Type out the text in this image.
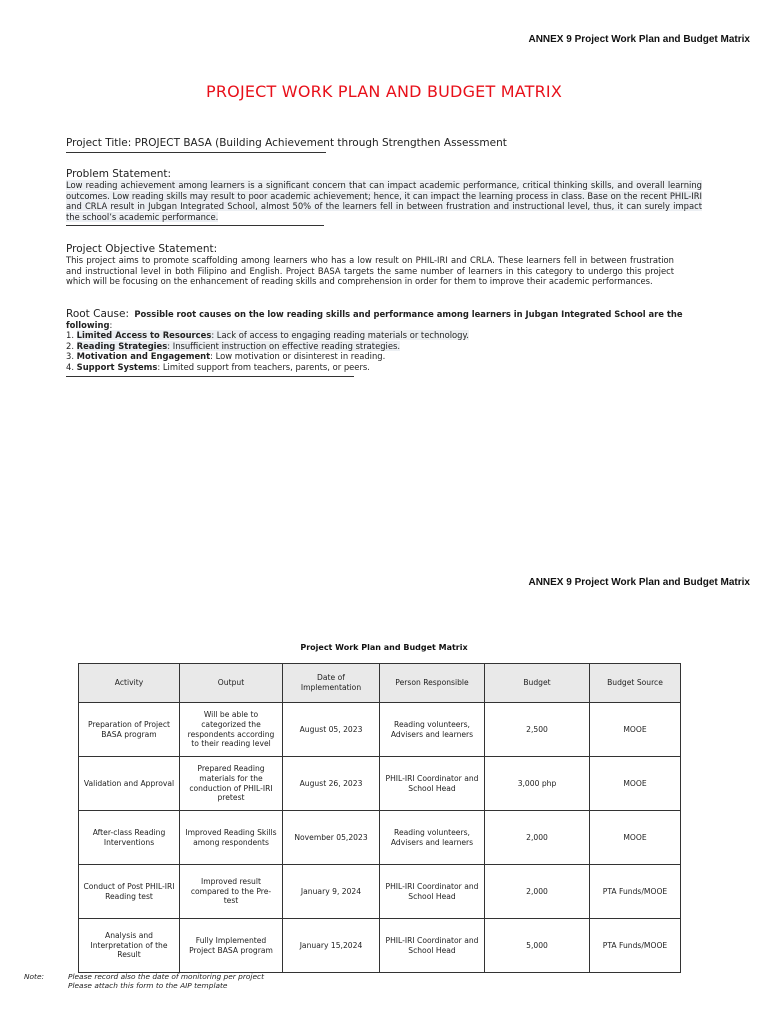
ANNEX 9 Project Work Plan and Budget Matrix
PROJECT WORK PLAN AND BUDGET MATRIX
Project Title: PROJECT BASA (Building Achievement through Strengthen Assessment
Problem Statement:
Low reading achievement among learners is a significant concern that can impact academic performance, critical thinking skills, and overall learning outcomes. Low reading skills may result to poor academic achievement; hence, it can impact the learning process in class. Base on the recent PHIL-IRI and CRLA result in Jubgan Integrated School, almost 50% of the learners fell in between frustration and instructional level, thus, it can surely impact the school’s academic performance.
Project Objective Statement:
This project aims to promote scaffolding among learners who has a low result on PHIL-IRI and CRLA. These learners fell in between frustration and instructional level in both Filipino and English. Project BASA targets the same number of learners in this category to undergo this project which will be focusing on the enhancement of reading skills and comprehension in order for them to improve their academic performances.
Root Cause: Possible root causes on the low reading skills and performance among learners in Jubgan Integrated School are the following:
1. Limited Access to Resources: Lack of access to engaging reading materials or technology.
2. Reading Strategies: Insufficient instruction on effective reading strategies.
3. Motivation and Engagement: Low motivation or disinterest in reading.
4. Support Systems: Limited support from teachers, parents, or peers.
ANNEX 9 Project Work Plan and Budget Matrix
Project Work Plan and Budget Matrix
Activity	Output	Date of Implementation	Person Responsible	Budget	Budget Source
Preparation of Project BASA program	Will be able to categorized the respondents according to their reading level	August 05, 2023	Reading volunteers, Advisers and learners	2,500	MOOE
Validation and Approval	Prepared Reading materials for the conduction of PHIL-IRI pretest	August 26, 2023	PHIL-IRI Coordinator and School Head	3,000 php	MOOE
After-class Reading Interventions	Improved Reading Skills among respondents	November 05,2023	Reading volunteers, Advisers and learners	2,000	MOOE
Conduct of Post PHIL-IRI Reading test	Improved result compared to the Pre-test	January 9, 2024	PHIL-IRI Coordinator and School Head	2,000	PTA Funds/MOOE
Analysis and Interpretation of the Result	Fully Implemented Project BASA program	January 15,2024	PHIL-IRI Coordinator and School Head	5,000	PTA Funds/MOOE
Note:	Please record also the date of monitoring per project
Please attach this form to the AIP template
